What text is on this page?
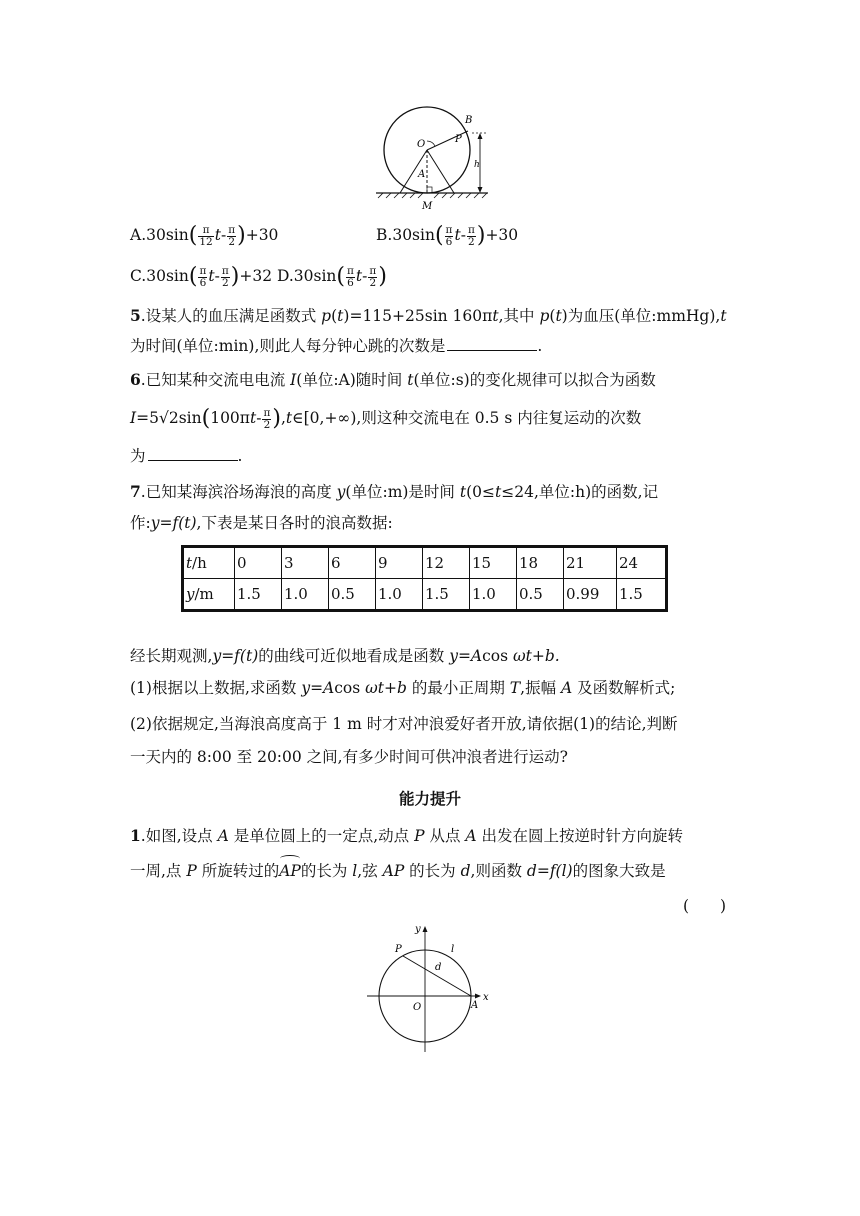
B
O	P
A
M
h
$A.30\sin( \frac{\pi}{12} t- \frac{\pi}{2} )+30$	$B.30\sin( \frac{\pi}{6} t- \frac{\pi}{2} )+30$
$C.30\sin( \frac{\pi}{6} t- \frac{\pi}{2} )+32$ $D.30\sin( \frac{\pi}{6} t- \frac{\pi}{2}$ )
5.设某人的血压满足函数式 p(t)=115+25sin 160πt,其中 p(t)为血压(单位:mmHg),t
为时间(单位:min),则此人每分钟心跳的次数是	.
6.已知某种交流电电流 I(单位:A)随时间 t(单位:s)的变化规律可以拟合为函数
$I=5√2\sin(100\pi t- \frac{\pi}{2}$ ),t∈[0,+∞),则这种交流电在 0.5 s 内往复运动的次数
为	.
7.已知某海滨浴场海浪的高度 y(单位:m)是时间 t(0≤t≤24,单位:h)的函数,记
作:y=f(t),下表是某日各时的浪高数据:
t/h	0	3	6	9	12	15	18	21	24
y/m	1.5	1.0	0.5	1.0	1.5	1.0	0.5	0.99	1.5
经长期观测,y=f(t)的曲线可近似地看成是函数 y=Acos ωt+b.
(1)根据以上数据,求函数 y=Acos ωt+b 的最小正周期 T,振幅 A 及函数解析式;
(2)依据规定,当海浪高度高于 1 m 时才对冲浪爱好者开放,请依据(1)的结论,判断
一天内的 8:00 至 20:00 之间,有多少时间可供冲浪者进行运动?
能力提升
1.如图,设点 A 是单位圆上的一定点,动点 P 从点 A 出发在圆上按逆时针方向旋转
一周,点 P 所旋转过的
AP的长为 l,弦 AP 的长为 d,则函数 d=f(l)的图象大致是
(  )
y
P	l
d
O	A
x
